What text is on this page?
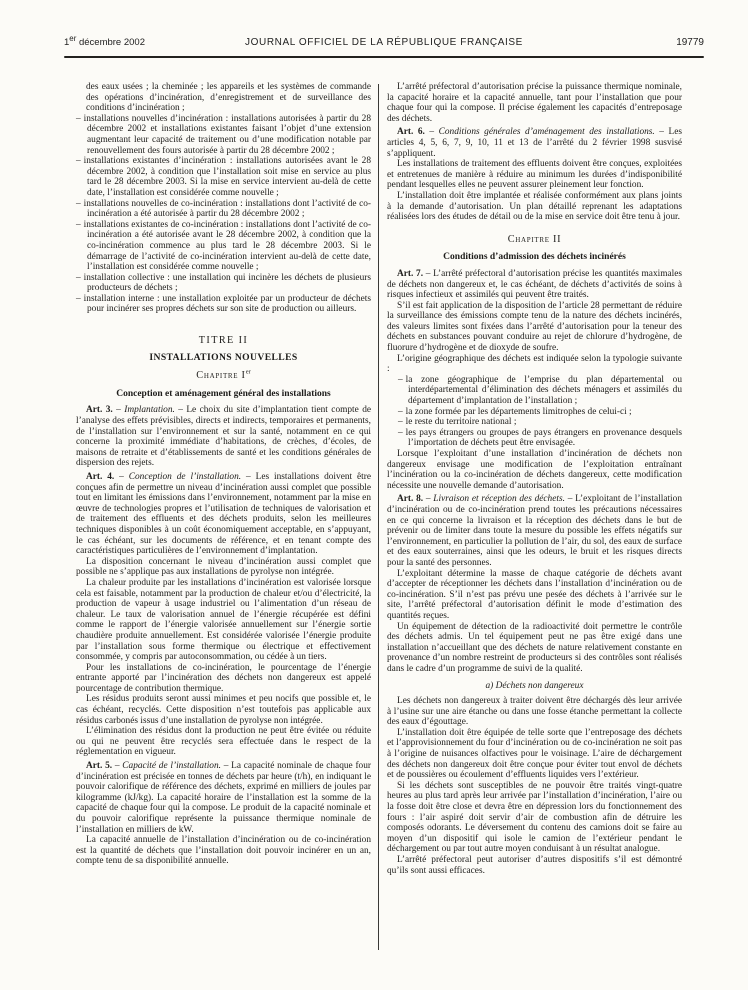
1er décembre 2002	JOURNAL OFFICIEL DE LA RÉPUBLIQUE FRANÇAISE	19779

des eaux usées ; la cheminée ; les appareils et les systèmes de commande des opérations d’incinération, d’enregistrement et de surveillance des conditions d’incinération ;

– installations nouvelles d’incinération : installations autorisées à partir du 28 décembre 2002 et installations existantes faisant l’objet d’une extension augmentant leur capacité de traitement ou d’une modification notable par renouvellement des fours autorisée à partir du 28 décembre 2002 ;

– installations existantes d’incinération : installations autorisées avant le 28 décembre 2002, à condition que l’installation soit mise en service au plus tard le 28 décembre 2003. Si la mise en service intervient au-delà de cette date, l’installation est considérée comme nouvelle ;

– installations nouvelles de co-incinération : installations dont l’activité de co-incinération a été autorisée à partir du 28 décembre 2002 ;

– installations existantes de co-incinération : installations dont l’activité de co-incinération a été autorisée avant le 28 décembre 2002, à condition que la co-incinération commence au plus tard le 28 décembre 2003. Si le démarrage de l’activité de co-incinération intervient au-delà de cette date, l’installation est considérée comme nouvelle ;

– installation collective : une installation qui incinère les déchets de plusieurs producteurs de déchets ;

– installation interne : une installation exploitée par un producteur de déchets pour incinérer ses propres déchets sur son site de production ou ailleurs.

TITRE II
INSTALLATIONS NOUVELLES
Chapitre Ier
Conception et aménagement général des installations

Art. 3. – Implantation. – Le choix du site d’implantation tient compte de l’analyse des effets prévisibles, directs et indirects, temporaires et permanents, de l’installation sur l’environnement et sur la santé, notamment en ce qui concerne la proximité immédiate d’habitations, de crèches, d’écoles, de maisons de retraite et d’établissements de santé et les conditions générales de dispersion des rejets.

Art. 4. – Conception de l’installation. – Les installations doivent être conçues afin de permettre un niveau d’incinération aussi complet que possible tout en limitant les émissions dans l’environnement, notamment par la mise en œuvre de technologies propres et l’utilisation de techniques de valorisation et de traitement des effluents et des déchets produits, selon les meilleures techniques disponibles à un coût économiquement acceptable, en s’appuyant, le cas échéant, sur les documents de référence, et en tenant compte des caractéristiques particulières de l’environnement d’implantation.

La disposition concernant le niveau d’incinération aussi complet que possible ne s’applique pas aux installations de pyrolyse non intégrée.

La chaleur produite par les installations d’incinération est valorisée lorsque cela est faisable, notamment par la production de chaleur et/ou d’électricité, la production de vapeur à usage industriel ou l’alimentation d’un réseau de chaleur. Le taux de valorisation annuel de l’énergie récupérée est défini comme le rapport de l’énergie valorisée annuellement sur l’énergie sortie chaudière produite annuellement. Est considérée valorisée l’énergie produite par l’installation sous forme thermique ou électrique et effectivement consommée, y compris par autoconsommation, ou cédée à un tiers.

Pour les installations de co-incinération, le pourcentage de l’énergie entrante apporté par l’incinération des déchets non dangereux est appelé pourcentage de contribution thermique.

Les résidus produits seront aussi minimes et peu nocifs que possible et, le cas échéant, recyclés. Cette disposition n’est toutefois pas applicable aux résidus carbonés issus d’une installation de pyrolyse non intégrée.

L’élimination des résidus dont la production ne peut être évitée ou réduite ou qui ne peuvent être recyclés sera effectuée dans le respect de la réglementation en vigueur.

Art. 5. – Capacité de l’installation. – La capacité nominale de chaque four d’incinération est précisée en tonnes de déchets par heure (t/h), en indiquant le pouvoir calorifique de référence des déchets, exprimé en milliers de joules par kilogramme (kJ/kg). La capacité horaire de l’installation est la somme de la capacité de chaque four qui la compose. Le produit de la capacité nominale et du pouvoir calorifique représente la puissance thermique nominale de l’installation en milliers de kW.

La capacité annuelle de l’installation d’incinération ou de co-incinération est la quantité de déchets que l’installation doit pouvoir incinérer en un an, compte tenu de sa disponibilité annuelle.

L’arrêté préfectoral d’autorisation précise la puissance thermique nominale, la capacité horaire et la capacité annuelle, tant pour l’installation que pour chaque four qui la compose. Il précise également les capacités d’entreposage des déchets.

Art. 6. – Conditions générales d’aménagement des installations. – Les articles 4, 5, 6, 7, 9, 10, 11 et 13 de l’arrêté du 2 février 1998 susvisé s’appliquent.

Les installations de traitement des effluents doivent être conçues, exploitées et entretenues de manière à réduire au minimum les durées d’indisponibilité pendant lesquelles elles ne peuvent assurer pleinement leur fonction.

L’installation doit être implantée et réalisée conformément aux plans joints à la demande d’autorisation. Un plan détaillé reprenant les adaptations réalisées lors des études de détail ou de la mise en service doit être tenu à jour.

Chapitre II
Conditions d’admission des déchets incinérés

Art. 7. – L’arrêté préfectoral d’autorisation précise les quantités maximales de déchets non dangereux et, le cas échéant, de déchets d’activités de soins à risques infectieux et assimilés qui peuvent être traités.

S’il est fait application de la disposition de l’article 28 permettant de réduire la surveillance des émissions compte tenu de la nature des déchets incinérés, des valeurs limites sont fixées dans l’arrêté d’autorisation pour la teneur des déchets en substances pouvant conduire au rejet de chlorure d’hydrogène, de fluorure d’hydrogène et de dioxyde de soufre.

L’origine géographique des déchets est indiquée selon la typologie suivante :

– la zone géographique de l’emprise du plan départemental ou interdépartemental d’élimination des déchets ménagers et assimilés du département d’implantation de l’installation ;

– la zone formée par les départements limitrophes de celui-ci ;

– le reste du territoire national ;

– les pays étrangers ou groupes de pays étrangers en provenance desquels l’importation de déchets peut être envisagée.

Lorsque l’exploitant d’une installation d’incinération de déchets non dangereux envisage une modification de l’exploitation entraînant l’incinération ou la co-incinération de déchets dangereux, cette modification nécessite une nouvelle demande d’autorisation.

Art. 8. – Livraison et réception des déchets. – L’exploitant de l’installation d’incinération ou de co-incinération prend toutes les précautions nécessaires en ce qui concerne la livraison et la réception des déchets dans le but de prévenir ou de limiter dans toute la mesure du possible les effets négatifs sur l’environnement, en particulier la pollution de l’air, du sol, des eaux de surface et des eaux souterraines, ainsi que les odeurs, le bruit et les risques directs pour la santé des personnes.

L’exploitant détermine la masse de chaque catégorie de déchets avant d’accepter de réceptionner les déchets dans l’installation d’incinération ou de co-incinération. S’il n’est pas prévu une pesée des déchets à l’arrivée sur le site, l’arrêté préfectoral d’autorisation définit le mode d’estimation des quantités reçues.

Un équipement de détection de la radioactivité doit permettre le contrôle des déchets admis. Un tel équipement peut ne pas être exigé dans une installation n’accueillant que des déchets de nature relativement constante en provenance d’un nombre restreint de producteurs si des contrôles sont réalisés dans le cadre d’un programme de suivi de la qualité.

a) Déchets non dangereux

Les déchets non dangereux à traiter doivent être déchargés dès leur arrivée à l’usine sur une aire étanche ou dans une fosse étanche permettant la collecte des eaux d’égouttage.

L’installation doit être équipée de telle sorte que l’entreposage des déchets et l’approvisionnement du four d’incinération ou de co-incinération ne soit pas à l’origine de nuisances olfactives pour le voisinage. L’aire de déchargement des déchets non dangereux doit être conçue pour éviter tout envol de déchets et de poussières ou écoulement d’effluents liquides vers l’extérieur.

Si les déchets sont susceptibles de ne pouvoir être traités vingt-quatre heures au plus tard après leur arrivée par l’installation d’incinération, l’aire ou la fosse doit être close et devra être en dépression lors du fonctionnement des fours : l’air aspiré doit servir d’air de combustion afin de détruire les composés odorants. Le déversement du contenu des camions doit se faire au moyen d’un dispositif qui isole le camion de l’extérieur pendant le déchargement ou par tout autre moyen conduisant à un résultat analogue.

L’arrêté préfectoral peut autoriser d’autres dispositifs s’il est démontré qu’ils sont aussi efficaces.
